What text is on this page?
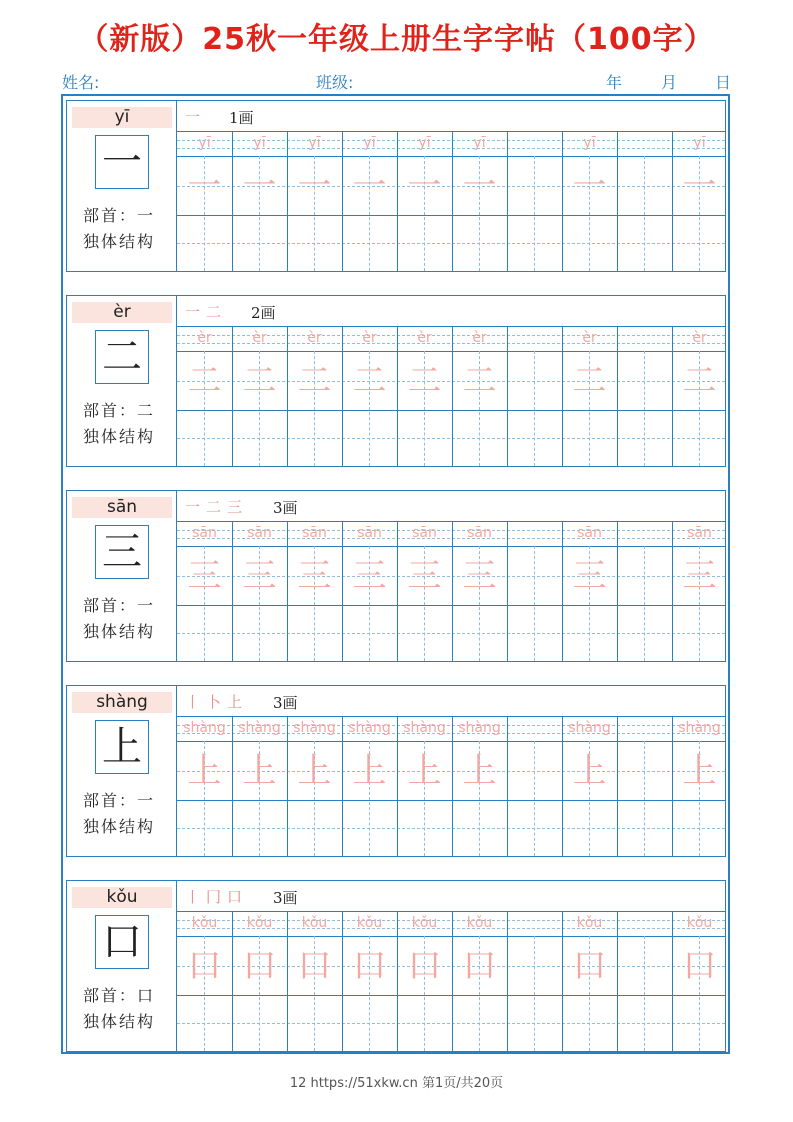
（新版）25秋一年级上册生字字帖（100字）
姓名:	班级:	年 月 日
yī
一
部首：一
独体结构
一 1画
yī
一
yī
一
yī
一
yī
一
yī
一
yī
一
yī
一
yī
一
èr
二
部首：二
独体结构
一二 2画
èr
二
èr
二
èr
二
èr
二
èr
二
èr
二
èr
二
èr
二
sān
三
部首：一
独体结构
一二三 3画
sān
三
sān
三
sān
三
sān
三
sān
三
sān
三
sān
三
sān
三
shàng
上
部首：一
独体结构
丨卜上 3画
shàng
上
shàng
上
shàng
上
shàng
上
shàng
上
shàng
上
shàng
上
shàng
上
kǒu
口
部首：口
独体结构
丨冂口 3画
kǒu
口
kǒu
口
kǒu
口
kǒu
口
kǒu
口
kǒu
口
kǒu
口
kǒu
口
12 https://51xkw.cn 第1页/共20页
